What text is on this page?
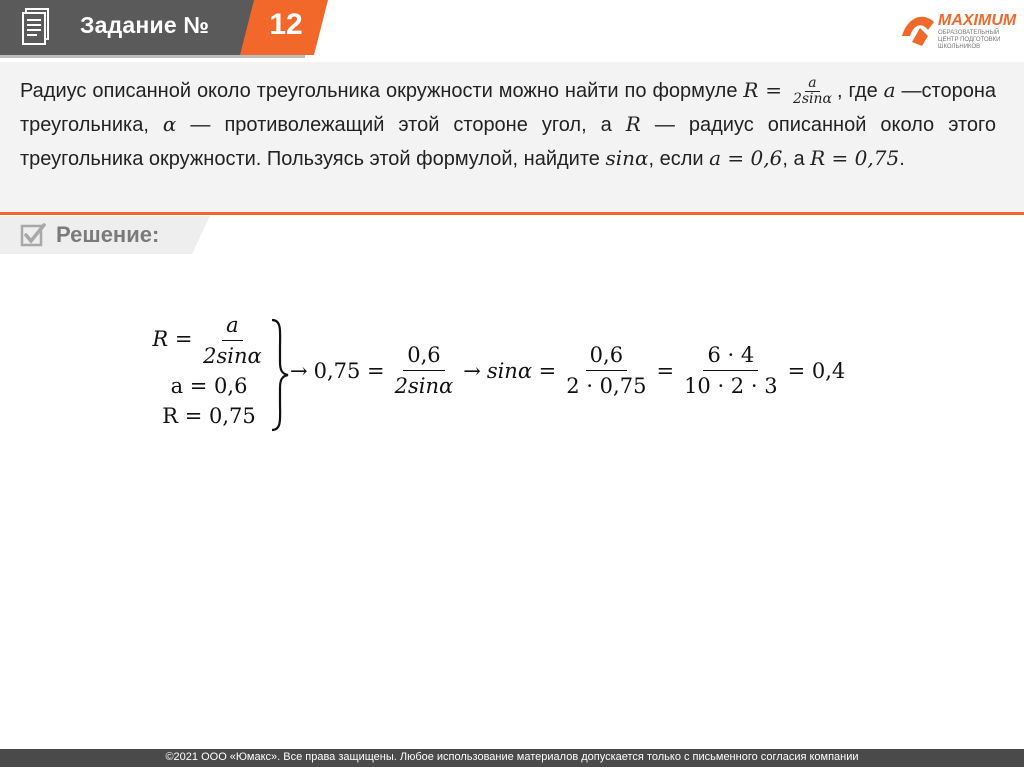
Задание №	12	MAXIMUM
ОБРАЗОВАТЕЛЬНЫЙ ЦЕНТР ПОДГОТОВКИ ШКОЛЬНИКОВ
Радиус описанной около треугольника окружности можно найти по формуле $R = \frac{a}{2\sin\alpha}$ , где a —сторона треугольника, α — противолежащий этой стороне угол, а R — радиус описанной около этого треугольника окружности. Пользуясь этой формулой, найдите sinα, если a = 0,6, а R = 0,75.
Решение:
$R = \frac{a}{2\sin\alpha}$
a = 0,6
R = 0,75
→ $0,75 = \frac{0,6}{2\sin\alpha} \to \sin\alpha = \frac{0,6}{2 \cdot 0,75} = \frac{6 \cdot 4}{10 \cdot 2 \cdot 3} = 0,4$
©2021 ООО «Юмакс». Все права защищены. Любое использование материалов допускается только с письменного согласия компании
